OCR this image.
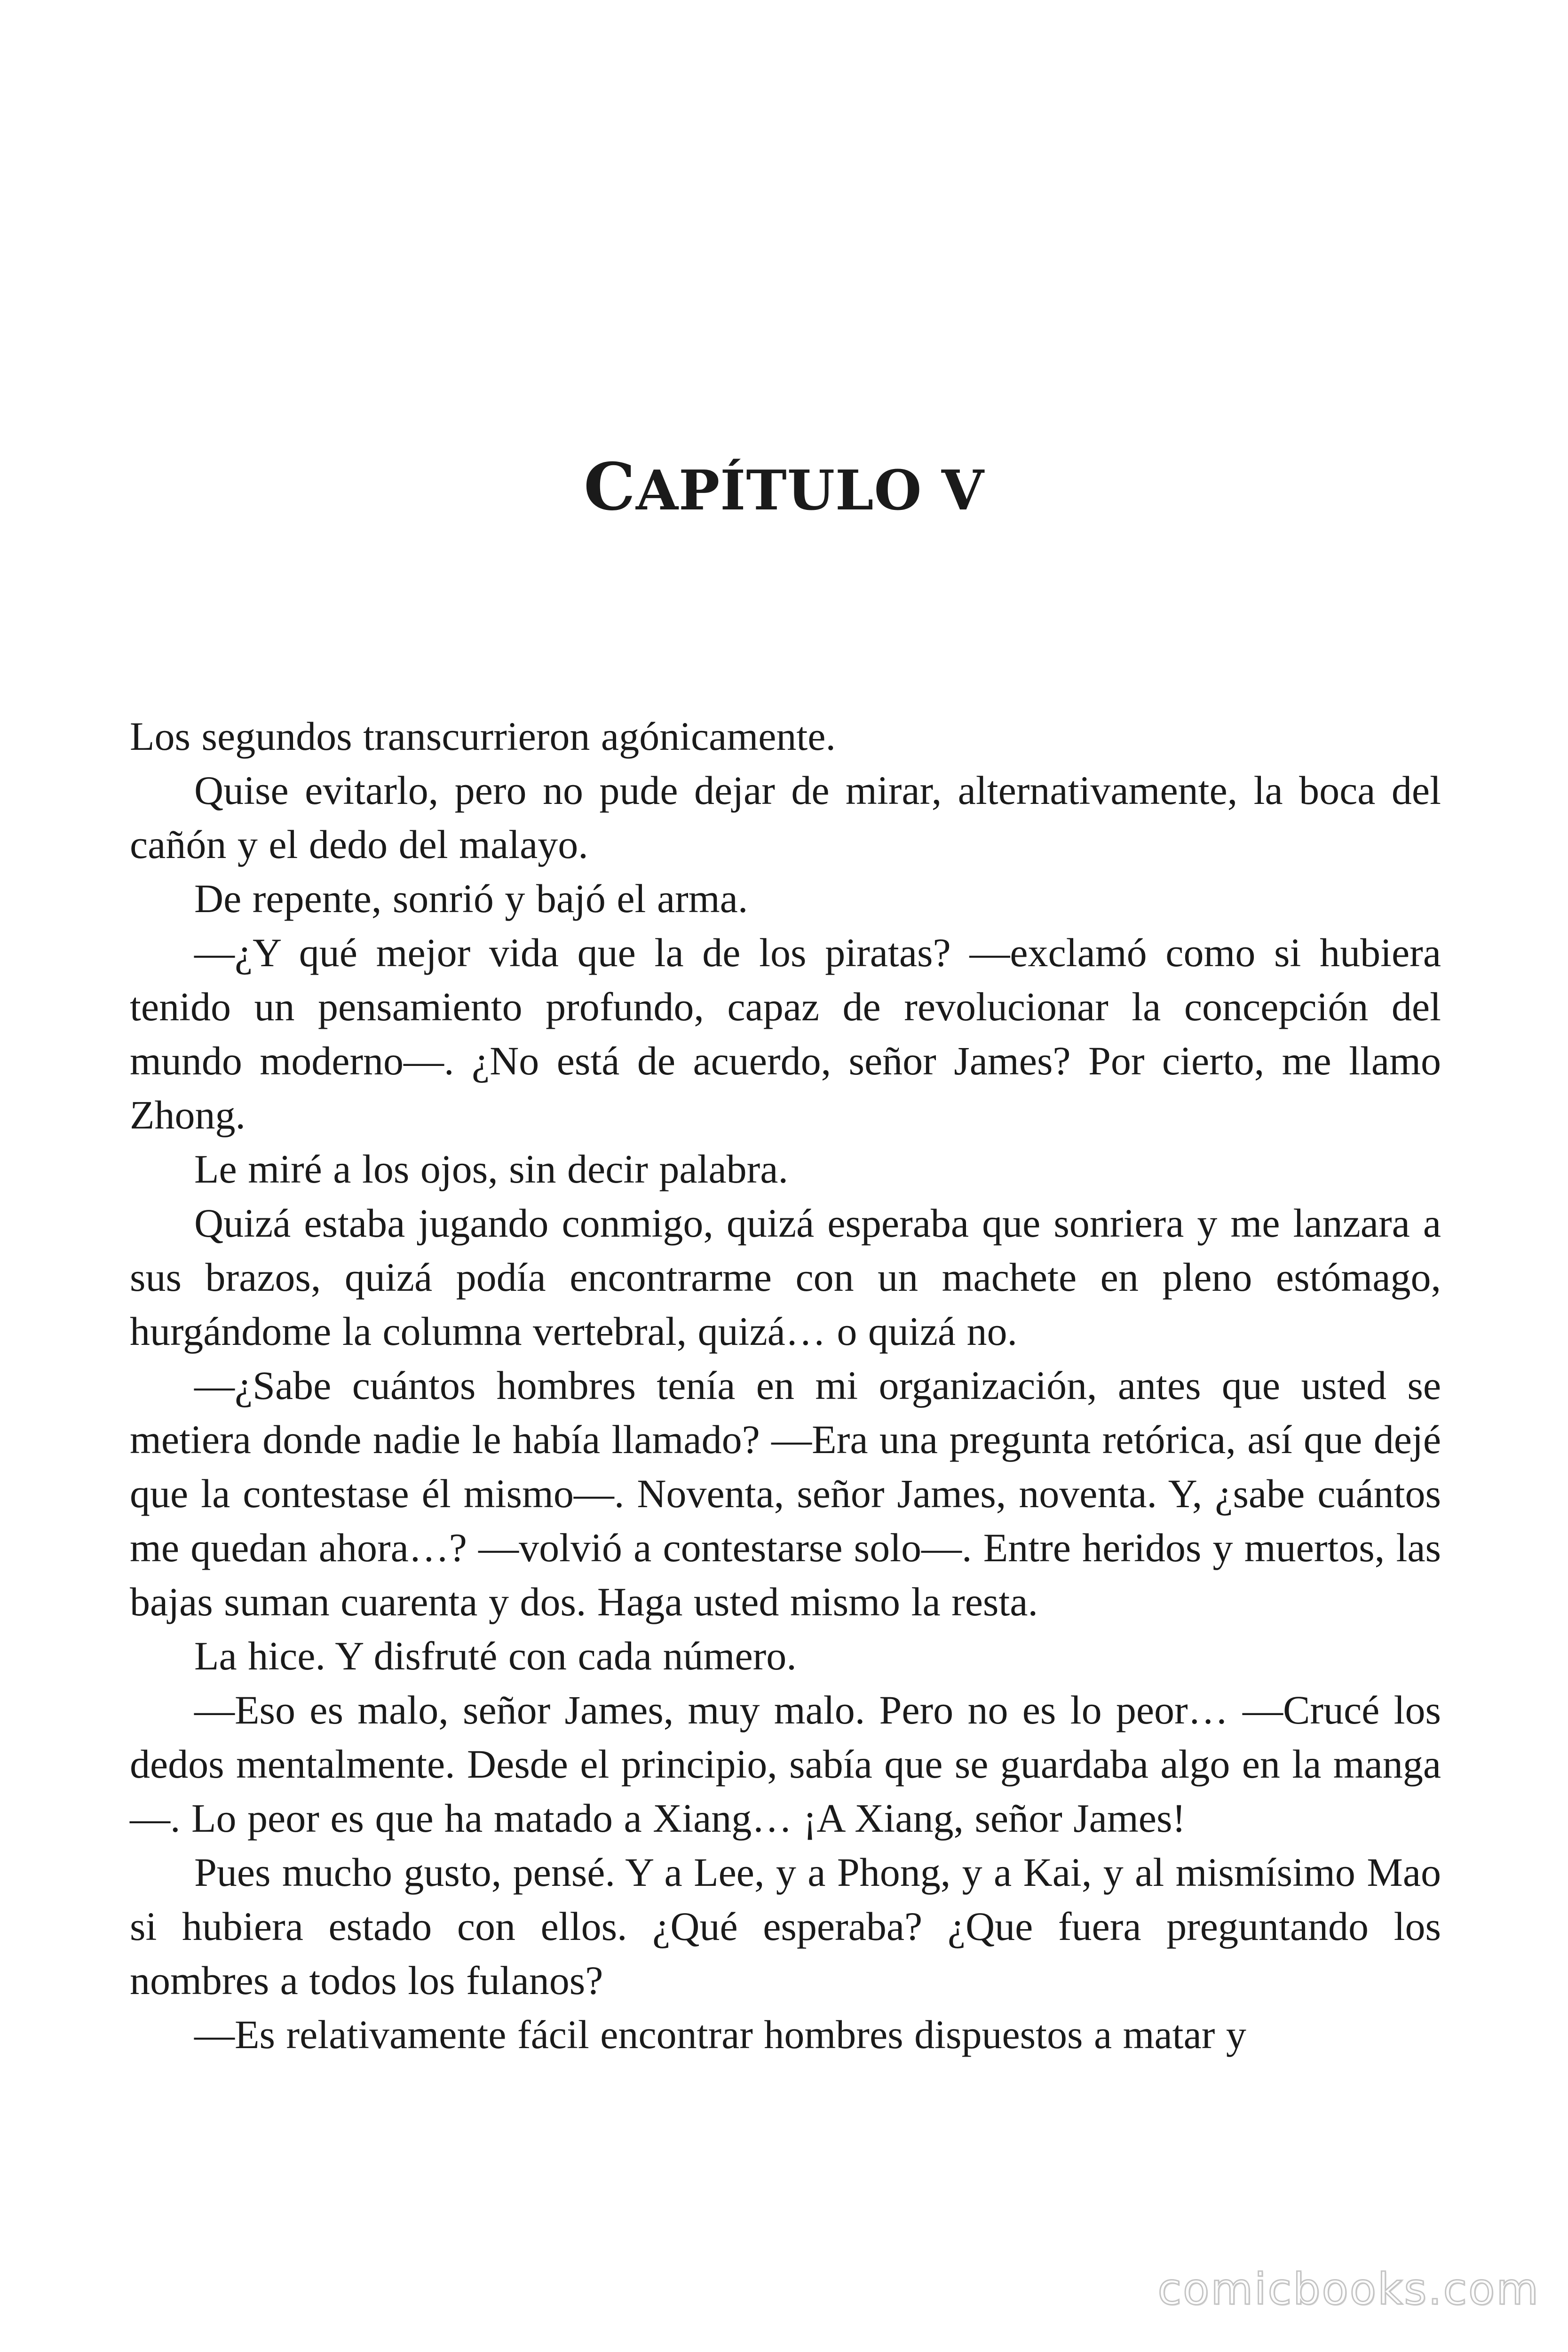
CAPÍTULO V

Los segundos transcurrieron agónicamente.

Quise evitarlo, pero no pude dejar de mirar, alternativamente, la boca del cañón y el dedo del malayo.

De repente, sonrió y bajó el arma.

—¿Y qué mejor vida que la de los piratas? —exclamó como si hubiera tenido un pensamiento profundo, capaz de revolucionar la concepción del mundo moderno—. ¿No está de acuerdo, señor James? Por cierto, me llamo Zhong.

Le miré a los ojos, sin decir palabra.

Quizá estaba jugando conmigo, quizá esperaba que sonriera y me lanzara a sus brazos, quizá podía encontrarme con un machete en pleno estómago, hurgándome la columna vertebral, quizá… o quizá no.

—¿Sabe cuántos hombres tenía en mi organización, antes que usted se metiera donde nadie le había llamado? —Era una pregunta retórica, así que dejé que la contestase él mismo—. Noventa, señor James, noventa. Y, ¿sabe cuántos me quedan ahora…? —volvió a contestarse solo—. Entre heridos y muertos, las bajas suman cuarenta y dos. Haga usted mismo la resta.

La hice. Y disfruté con cada número.

—Eso es malo, señor James, muy malo. Pero no es lo peor… —Crucé los dedos mentalmente. Desde el principio, sabía que se guardaba algo en la manga—. Lo peor es que ha matado a Xiang… ¡A Xiang, señor James!

Pues mucho gusto, pensé. Y a Lee, y a Phong, y a Kai, y al mismísimo Mao si hubiera estado con ellos. ¿Qué esperaba? ¿Que fuera preguntando los nombres a todos los fulanos?

—Es relativamente fácil encontrar hombres dispuestos a matar y

comicbooks.com
